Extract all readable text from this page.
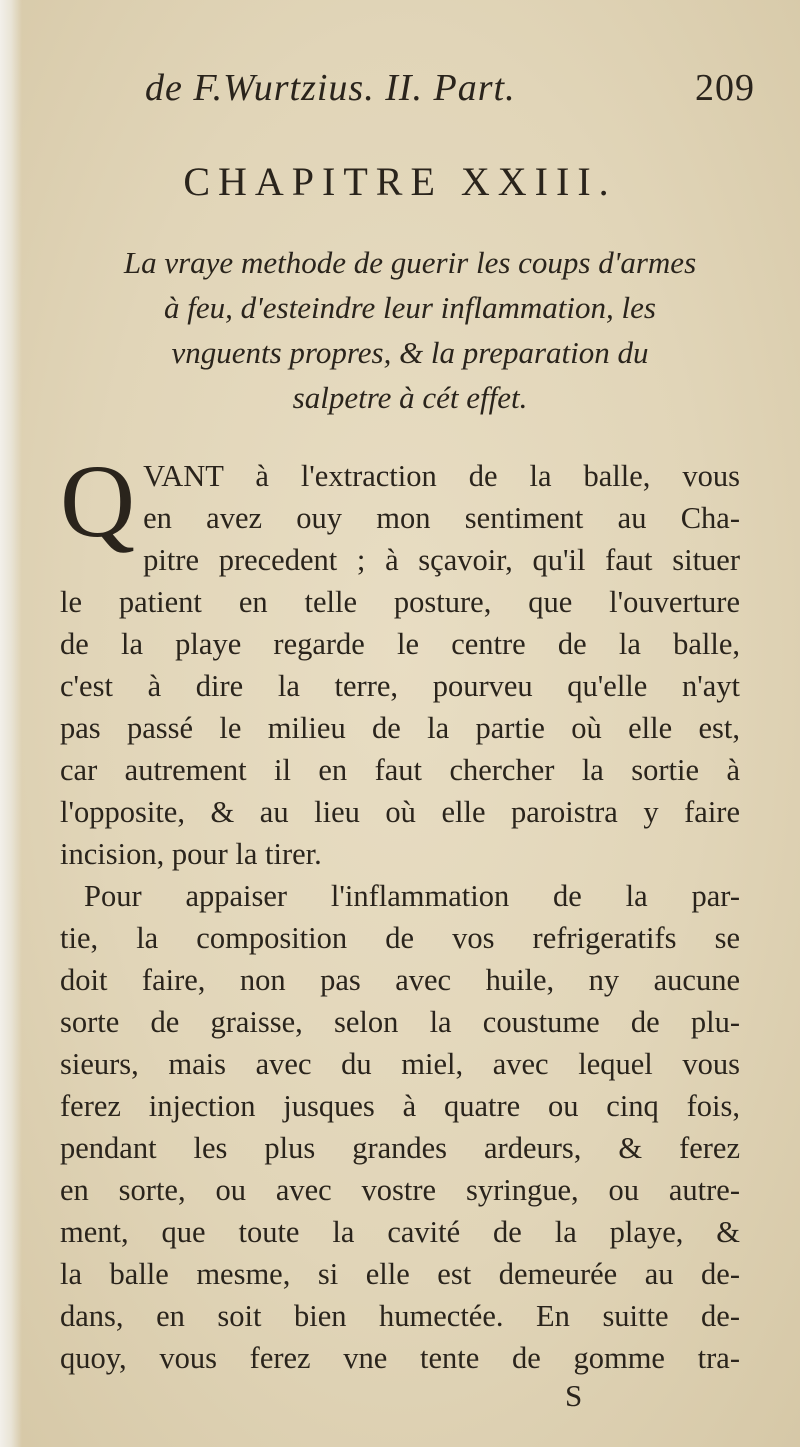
de F.Wurtzius. II. Part.	209
CHAPITRE XXIII.
La vraye methode de guerir les coups d'armes
à feu, d'esteindre leur inflammation, les
vnguents propres, & la preparation du
salpetre à cét effet.
Q VANT à l'extraction de la balle, vous
en avez ouy mon sentiment au Cha-
pitre precedent ; à sçavoir, qu'il faut situer
le patient en telle posture, que l'ouverture
de la playe regarde le centre de la balle,
c'est à dire la terre, pourveu qu'elle n'ayt
pas passé le milieu de la partie où elle est,
car autrement il en faut chercher la sortie à
l'opposite, & au lieu où elle paroistra y faire
incision, pour la tirer.
Pour appaiser l'inflammation de la par-
tie, la composition de vos refrigeratifs se
doit faire, non pas avec huile, ny aucune
sorte de graisse, selon la coustume de plu-
sieurs, mais avec du miel, avec lequel vous
ferez injection jusques à quatre ou cinq fois,
pendant les plus grandes ardeurs, & ferez
en sorte, ou avec vostre syringue, ou autre-
ment, que toute la cavité de la playe, &
la balle mesme, si elle est demeurée au de-
dans, en soit bien humectée. En suitte de-
quoy, vous ferez vne tente de gomme tra-
S
